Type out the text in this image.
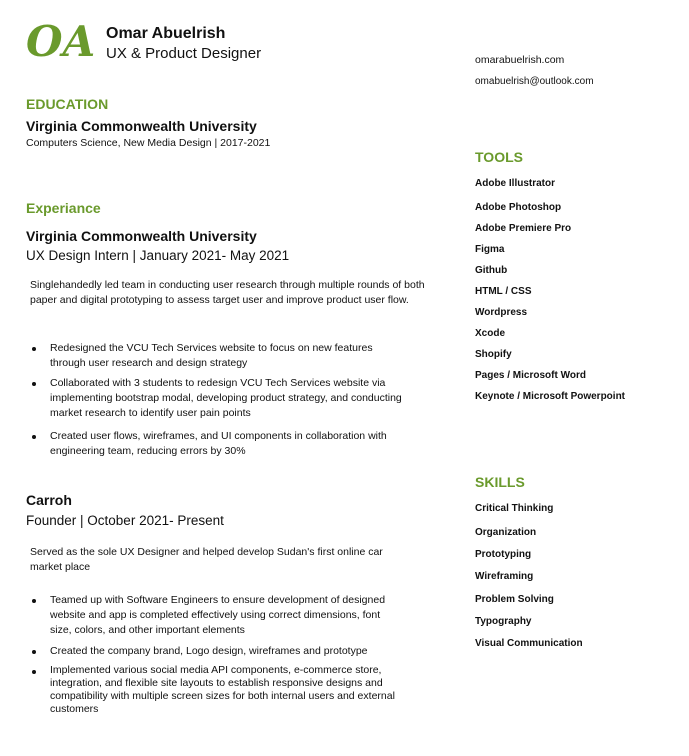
OA Omar Abuelrish
UX & Product Designer	omarabuelrish.com
omabuelrish@outlook.com
EDUCATION
Virginia Commonwealth University
Computers Science, New Media Design | 2017-2021
Experiance
Virginia Commonwealth University
UX Design Intern | January 2021- May 2021
Singlehandedly led team in conducting user research through multiple rounds of both paper and digital prototyping to assess target user and improve product user flow.
Redesigned the VCU Tech Services website to focus on new features through user research and design strategy
Collaborated with 3 students to redesign VCU Tech Services website via implementing bootstrap modal, developing product strategy, and conducting market research to identify user pain points
Created user flows, wireframes, and UI components in collaboration with engineering team, reducing errors by 30%
Carroh
Founder | October 2021- Present
Served as the sole UX Designer and helped develop Sudan's first online car market place
Teamed up with Software Engineers to ensure development of designed website and app is completed effectively using correct dimensions, font size, colors, and other important elements
Created the company brand, Logo design, wireframes and prototype
Implemented various social media API components, e-commerce store, integration, and flexible site layouts to establish responsive designs and compatibility with multiple screen sizes for both internal users and external customers
TOOLS
Adobe Illustrator
Adobe Photoshop
Adobe Premiere Pro
Figma
Github
HTML / CSS
Wordpress
Xcode
Shopify
Pages / Microsoft Word
Keynote / Microsoft Powerpoint
SKILLS
Critical Thinking
Organization
Prototyping
Wireframing
Problem Solving
Typography
Visual Communication
